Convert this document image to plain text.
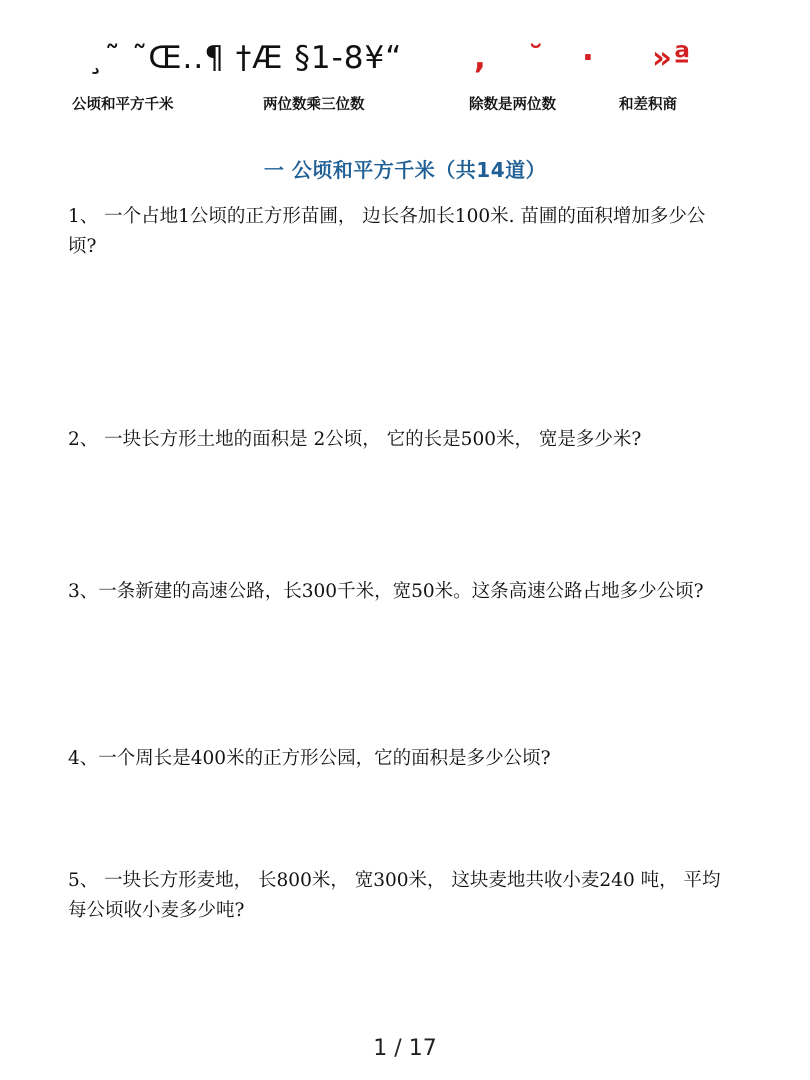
¸˜ ˜Œ..¶ †Æ §1-8¥“ , ˘ · »ª
公顷和平方千米	两位数乘三位数	除数是两位数	和差积商
一 公顷和平方千米（共14道）
1、 一个占地1公顷的正方形苗圃， 边长各加长100米. 苗圃的面积增加多少公顷?
2、 一块长方形土地的面积是 2公顷， 它的长是500米， 宽是多少米?
3、一条新建的高速公路，长300千米，宽50米。这条高速公路占地多少公顷?
4、一个周长是400米的正方形公园，它的面积是多少公顷?
5、 一块长方形麦地， 长800米， 宽300米， 这块麦地共收小麦240 吨， 平均每公顷收小麦多少吨?
1 / 17
